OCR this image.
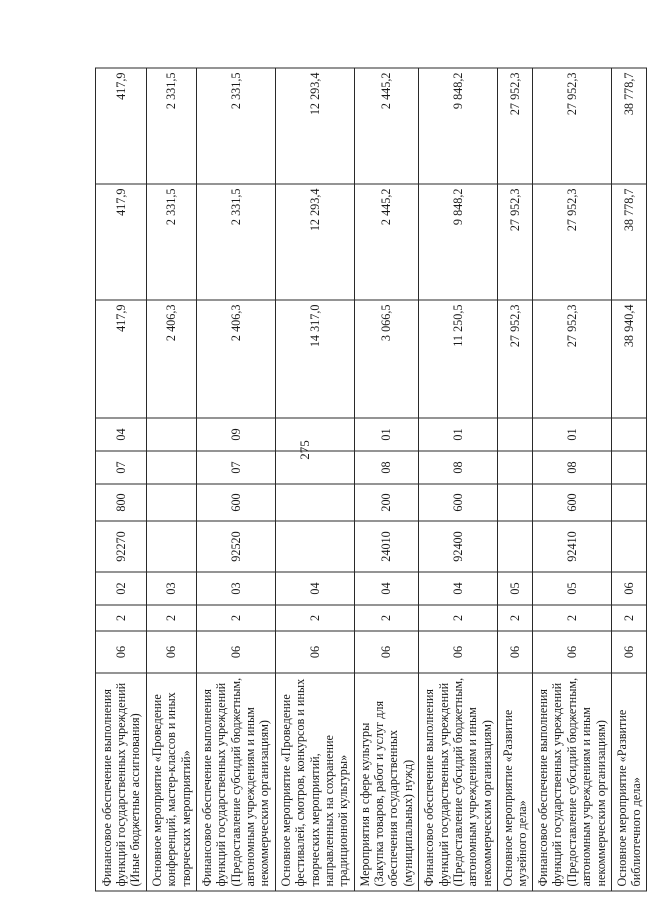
275
Финансовое обеспечение выполнения функций государственных учреждений (Иные бюджетные ассигнования)	06	2	02	92270	800	07	04	417,9	417,9	417,9
Основное мероприятие «Проведение конференций, мастер-классов и иных творческих мероприятий»	06	2	03					2 406,3	2 331,5	2 331,5
Финансовое обеспечение выполнения функций государственных учреждений (Предоставление субсидий бюджетным, автономным учреждениям и иным некоммерческим организациям)	06	2	03	92520	600	07	09	2 406,3	2 331,5	2 331,5
Основное мероприятие «Проведение фестивалей, смотров, конкурсов и иных творческих мероприятий, направленных на сохранение традиционной культуры»	06	2	04					14 317,0	12 293,4	12 293,4
Мероприятия в сфере культуры (Закупка товаров, работ и услуг для обеспечения государственных (муниципальных) нужд)	06	2	04	24010	200	08	01	3 066,5	2 445,2	2 445,2
Финансовое обеспечение выполнения функций государственных учреждений (Предоставление субсидий бюджетным, автономным учреждениям и иным некоммерческим организациям)	06	2	04	92400	600	08	01	11 250,5	9 848,2	9 848,2
Основное мероприятие «Развитие музейного дела»	06	2	05					27 952,3	27 952,3	27 952,3
Финансовое обеспечение выполнения функций государственных учреждений (Предоставление субсидий бюджетным, автономным учреждениям и иным некоммерческим организациям)	06	2	05	92410	600	08	01	27 952,3	27 952,3	27 952,3
Основное мероприятие «Развитие библиотечного дела»	06	2	06					38 940,4	38 778,7	38 778,7
